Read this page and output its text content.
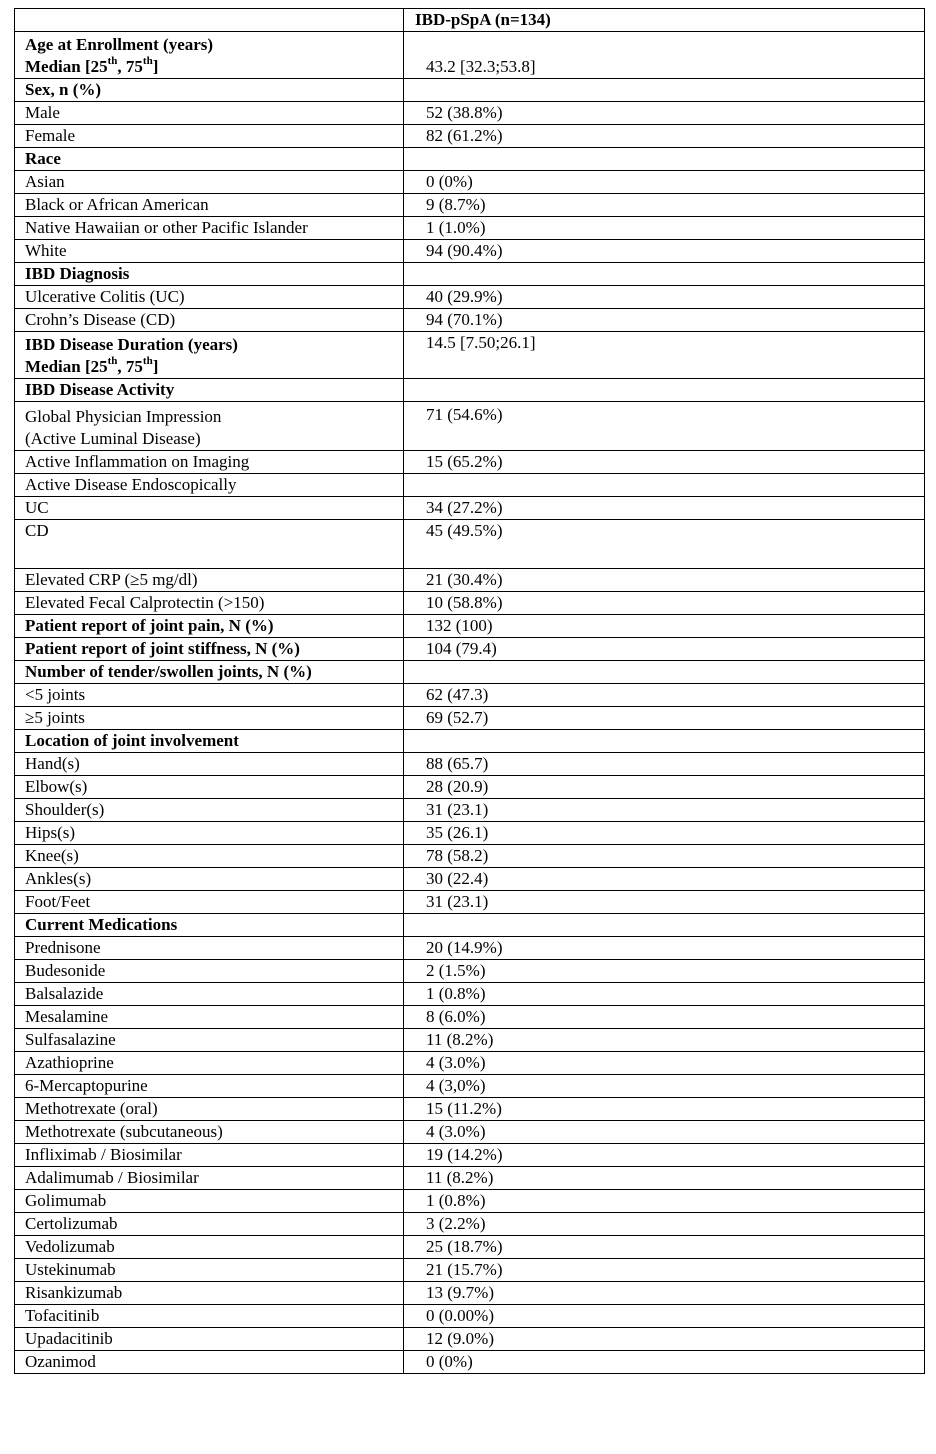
	IBD-pSpA (n=134)

Age at Enrollment (years)
Median [25th, 75th]	43.2 [32.3;53.8]
Sex, n (%)	
Male	52 (38.8%)
Female	82 (61.2%)
Race	
Asian	0 (0%)
Black or African American	9 (8.7%)
Native Hawaiian or other Pacific Islander	1 (1.0%)
White	94 (90.4%)
IBD Diagnosis	
Ulcerative Colitis (UC)	40 (29.9%)
Crohn’s Disease (CD)	94 (70.1%)

IBD Disease Duration (years)
Median [25th, 75th]	14.5 [7.50;26.1]
IBD Disease Activity	

Global Physician Impression
(Active Luminal Disease)	71 (54.6%)
Active Inflammation on Imaging	15 (65.2%)
Active Disease Endoscopically	
UC	34 (27.2%)
CD	45 (49.5%)
Elevated CRP (≥5 mg/dl)	21 (30.4%)
Elevated Fecal Calprotectin (>150)	10 (58.8%)
Patient report of joint pain, N (%)	132 (100)
Patient report of joint stiffness, N (%)	104 (79.4)
Number of tender/swollen joints, N (%)	
<5 joints	62 (47.3)
≥5 joints	69 (52.7)
Location of joint involvement	
Hand(s)	88 (65.7)
Elbow(s)	28 (20.9)
Shoulder(s)	31 (23.1)
Hips(s)	35 (26.1)
Knee(s)	78 (58.2)
Ankles(s)	30 (22.4)
Foot/Feet	31 (23.1)
Current Medications	
Prednisone	20 (14.9%)
Budesonide	2 (1.5%)
Balsalazide	1 (0.8%)
Mesalamine	8 (6.0%)
Sulfasalazine	11 (8.2%)
Azathioprine	4 (3.0%)
6-Mercaptopurine	4 (3,0%)
Methotrexate (oral)	15 (11.2%)
Methotrexate (subcutaneous)	4 (3.0%)
Infliximab / Biosimilar	19 (14.2%)
Adalimumab / Biosimilar	11 (8.2%)
Golimumab	1 (0.8%)
Certolizumab	3 (2.2%)
Vedolizumab	25 (18.7%)
Ustekinumab	21 (15.7%)
Risankizumab	13 (9.7%)
Tofacitinib	0 (0.00%)
Upadacitinib	12 (9.0%)
Ozanimod	0 (0%)
